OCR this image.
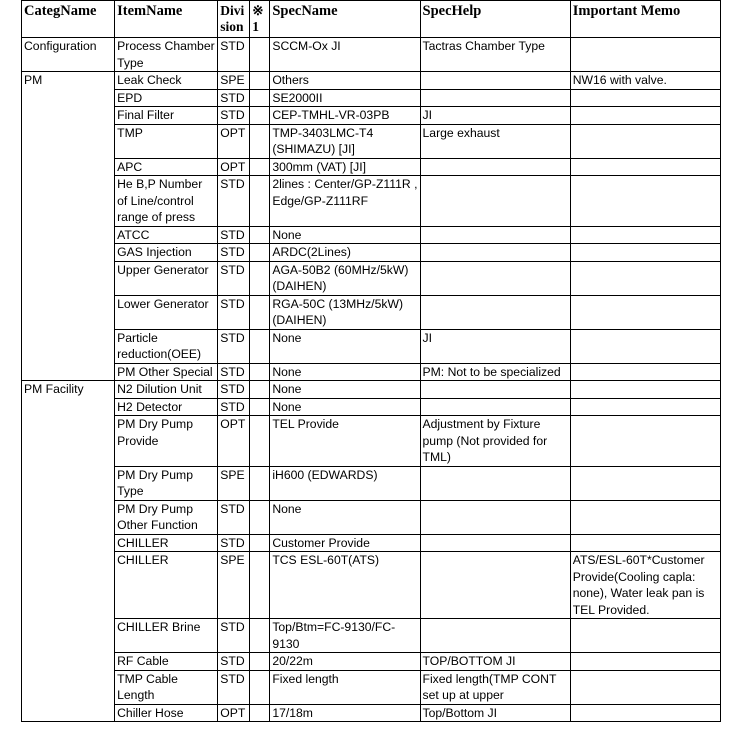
CategName	ItemName	Division	※1	SpecName	SpecHelp	Important Memo
Configuration	Process Chamber Type	STD		SCCM-Ox JI	Tactras Chamber Type	
PM	Leak Check	SPE		Others		NW16 with valve.
	EPD	STD		SE2000II		
	Final Filter	STD		CEP-TMHL-VR-03PB	JI	
	TMP	OPT		TMP-3403LMC-T4 (SHIMAZU) [JI]	Large exhaust	
	APC	OPT		300mm (VAT) [JI]		
	He B,P Number of Line/control range of press	STD		2lines : Center/GP-Z111R , Edge/GP-Z111RF		
	ATCC	STD		None		
	GAS Injection	STD		ARDC(2Lines)		
	Upper Generator	STD		AGA-50B2 (60MHz/5kW)(DAIHEN)		
	Lower Generator	STD		RGA-50C (13MHz/5kW)(DAIHEN)		
	Particle reduction(OEE)	STD		None	JI	
	PM Other Special	STD		None	PM: Not to be specialized	
PM Facility	N2 Dilution Unit	STD		None		
	H2 Detector	STD		None		
	PM Dry Pump Provide	OPT		TEL Provide	Adjustment by Fixture pump (Not provided for TML)	
	PM Dry Pump Type	SPE		iH600 (EDWARDS)		
	PM Dry Pump Other Function	STD		None		
	CHILLER	STD		Customer Provide		
	CHILLER	SPE		TCS ESL-60T(ATS)		ATS/ESL-60T*Customer Provide(Cooling capla: none), Water leak pan is TEL Provided.
	CHILLER Brine	STD		Top/Btm=FC-9130/FC-9130		
	RF Cable	STD		20/22m	TOP/BOTTOM JI	
	TMP Cable Length	STD		Fixed length	Fixed length(TMP CONT set up at upper	
	Chiller Hose	OPT		17/18m	Top/Bottom JI	
